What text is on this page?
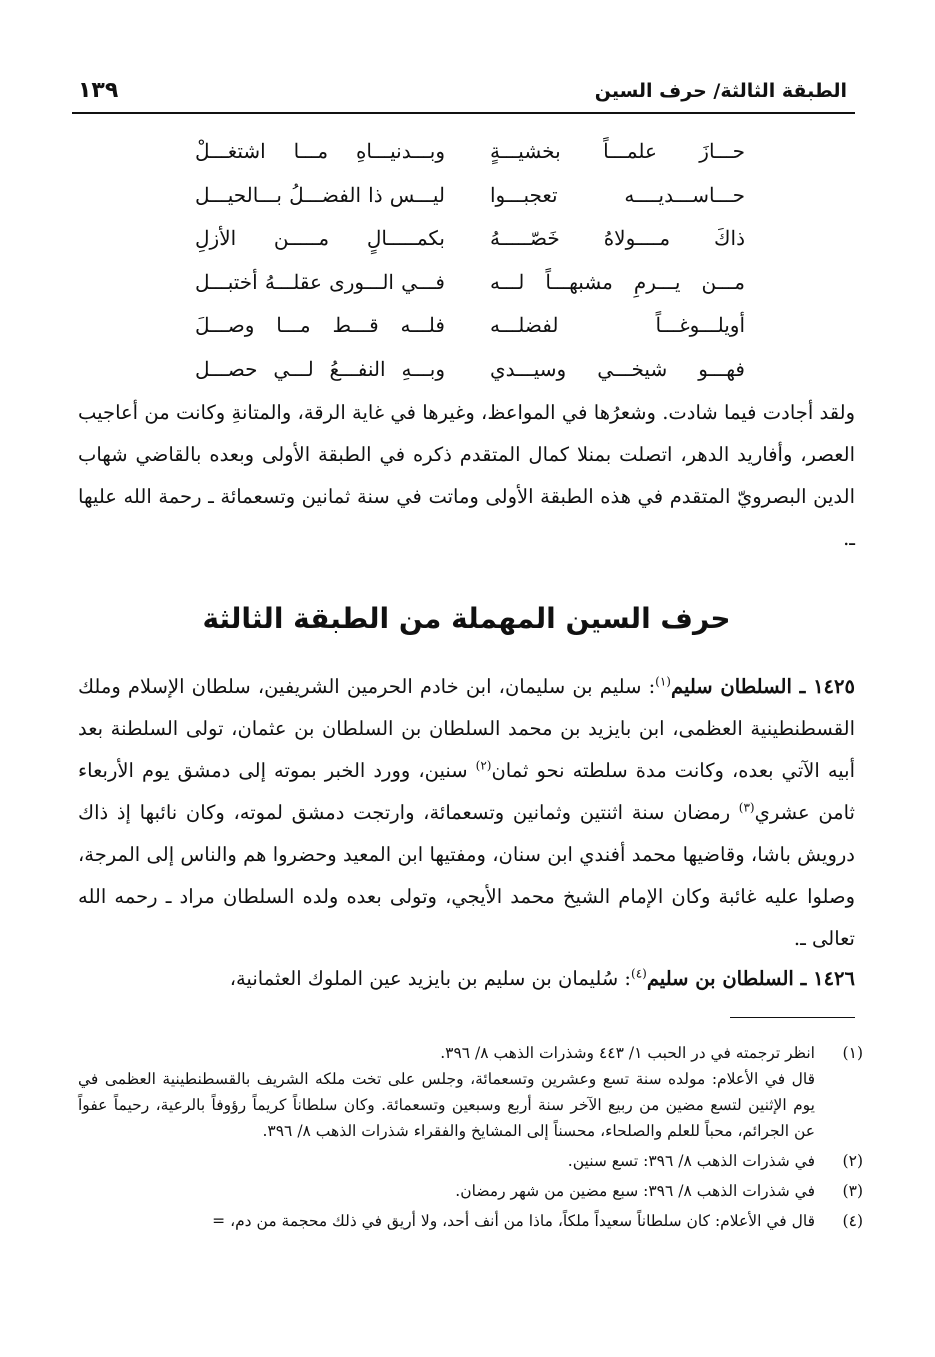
الطبقة الثالثة/ حرف السين
١٣٩
حـــازَ علمـــاً بخشيـــةٍ
وبـــدنيـــاهِ مـــا اشتغـــلْ
حـــاســـديــــه تعجبـــوا
ليـــس ذا الفضـــلُ بـــالحيـــل
ذاكَ مــــولاهُ خَصّـــــهُ
بكمـــــالٍ مـــــن الأزلِ
مـــن يـــرمِ مشبهـــاً لـــه
فـــي الـــورى عقلـــهُ أختبـــل
أويلـــوغـــاً لفضلـــه
فلـــه قـــط مـــا وصـــلَ
فهـــو شيخـــي وسيـــدي
وبـــهِ النفـــعُ لـــي حصـــل

ولقد أجادت فيما شادت. وشعرُها في المواعظ، وغيرها في غاية الرقة، والمتانةِ وكانت من أعاجيب العصر، وأفاريد الدهر، اتصلت بمنلا كمال المتقدم ذكره في الطبقة الأولى وبعده بالقاضي شهاب الدين البصرويّ المتقدم في هذه الطبقة الأولى وماتت في سنة ثمانين وتسعمائة ـ رحمة الله عليها ـ.

حرف السين المهملة من الطبقة الثالثة

١٤٢٥ ـ السلطان سليم$^{(١)}$: سليم بن سليمان، ابن خادم الحرمين الشريفين، سلطان الإسلام وملك القسطنطينية العظمى، ابن بايزيد بن محمد السلطان بن السلطان بن عثمان، تولى السلطنة بعد أبيه الآتي بعده، وكانت مدة سلطته نحو ثمان$^{(٢)}$ سنين، وورد الخبر بموته إلى دمشق يوم الأربعاء ثامن عشري$^{(٣)}$ رمضان سنة اثنتين وثمانين وتسعمائة، وارتجت دمشق لموته، وكان نائبها إذ ذاك درويش باشا، وقاضيها محمد أفندي ابن سنان، ومفتيها ابن المعيد وحضروا هم والناس إلى المرجة، وصلوا عليه غائبة وكان الإمام الشيخ محمد الأيجي، وتولى بعده ولده السلطان مراد ـ رحمه الله تعالى ـ.

١٤٢٦ ـ السلطان بن سليم$^{(٤)}$: سُليمان بن سليم بن بايزيد عين الملوك العثمانية،

(١)
انظر ترجمته في در الحبب ١/ ٤٤٣ وشذرات الذهب ٨/ ٣٩٦.
قال في الأعلام: مولده سنة تسع وعشرين وتسعمائة، وجلس على تخت ملكه الشريف بالقسطنطينية العظمى في يوم الإثنين لتسع مضين من ربيع الآخر سنة أربع وسبعين وتسعمائة. وكان سلطاناً كريماً رؤوفاً بالرعية، رحيماً عفواً عن الجرائم، محباً للعلم والصلحاء، محسناً إلى المشايخ والفقراء شذرات الذهب ٨/ ٣٩٦.
(٢)
في شذرات الذهب ٨/ ٣٩٦: تسع سنين.
(٣)
في شذرات الذهب ٨/ ٣٩٦: سبع مضين من شهر رمضان.
(٤)
قال في الأعلام: كان سلطاناً سعيداً ملكاً، ماذا من أنف أحد، ولا أريق في ذلك محجمة من دم، =
